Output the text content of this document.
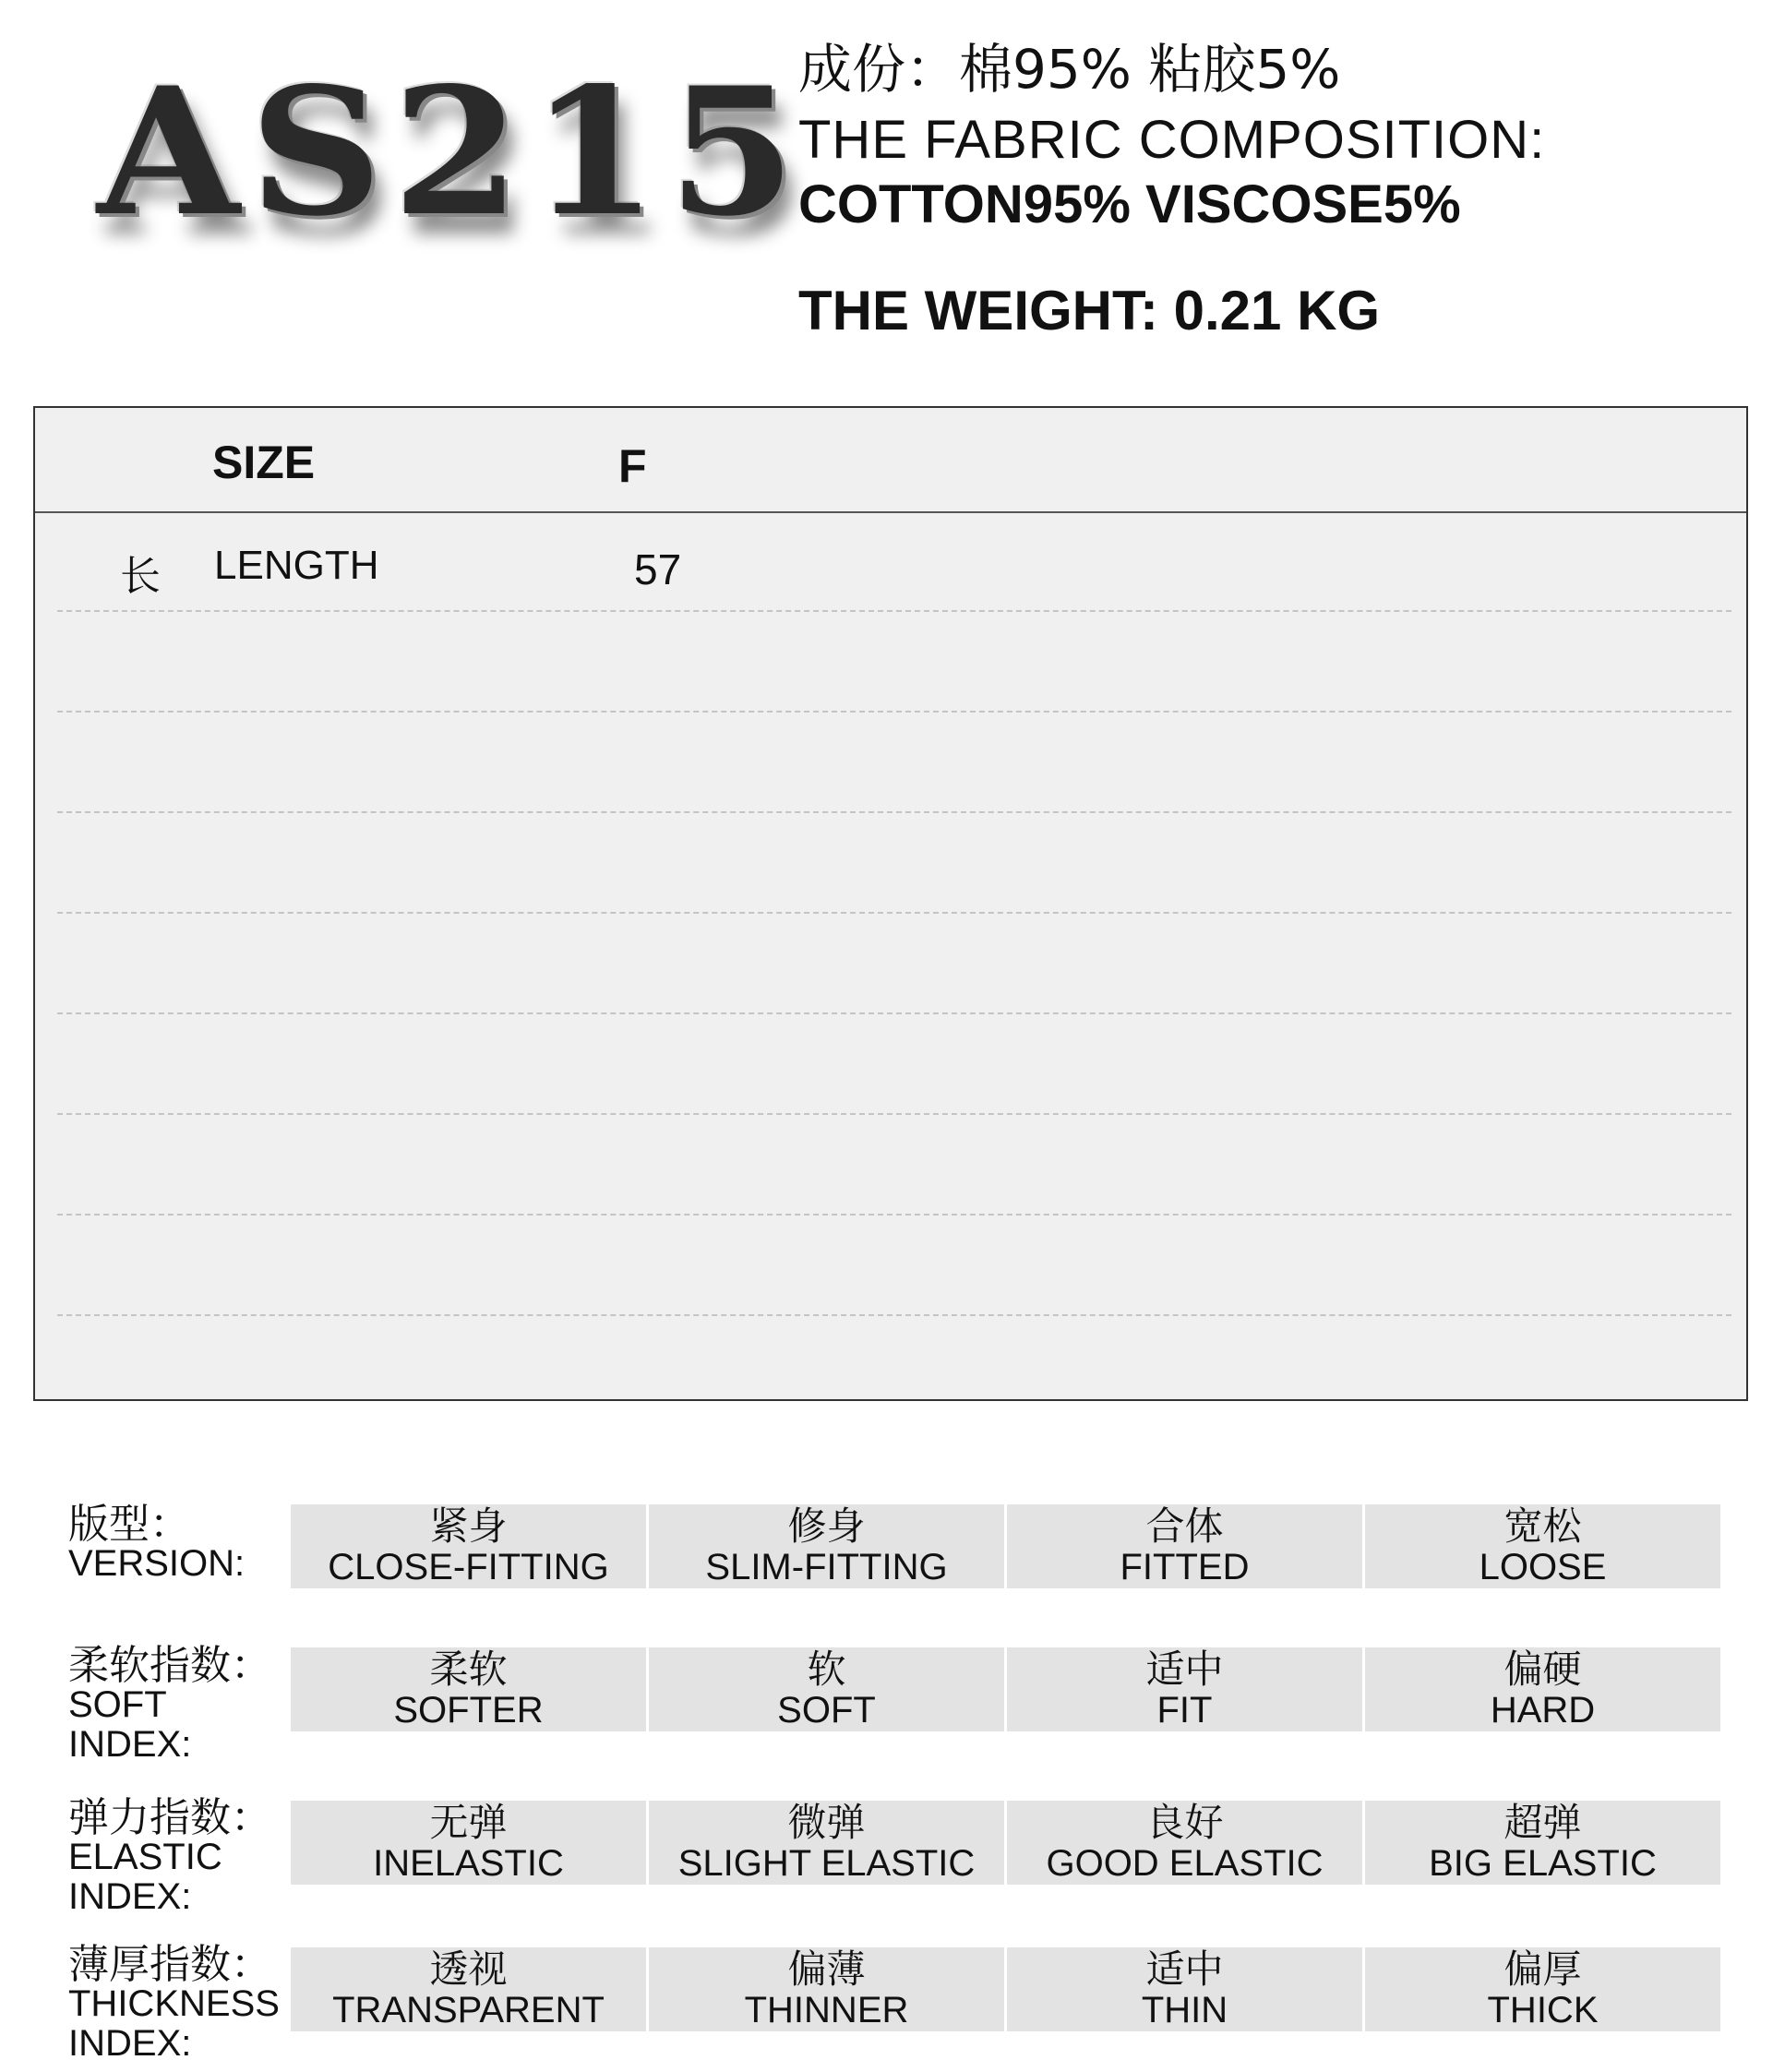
AS215
成份：棉95% 粘胶5%
THE FABRIC COMPOSITION:
COTTON95% VISCOSE5%
THE WEIGHT: 0.21 KG
SIZE	F
长 LENGTH	57
版型：
VERSION:
紧身
CLOSE-FITTING
修身
SLIM-FITTING
合体
FITTED
宽松
LOOSE
柔软指数：
SOFT INDEX:
柔软
SOFTER
软
SOFT
适中
FIT
偏硬
HARD
弹力指数：
ELASTIC INDEX:
无弹
INELASTIC
微弹
SLIGHT ELASTIC
良好
GOOD ELASTIC
超弹
BIG ELASTIC
薄厚指数：
THICKNESS INDEX:
透视
TRANSPARENT
偏薄
THINNER
适中
THIN
偏厚
THICK
